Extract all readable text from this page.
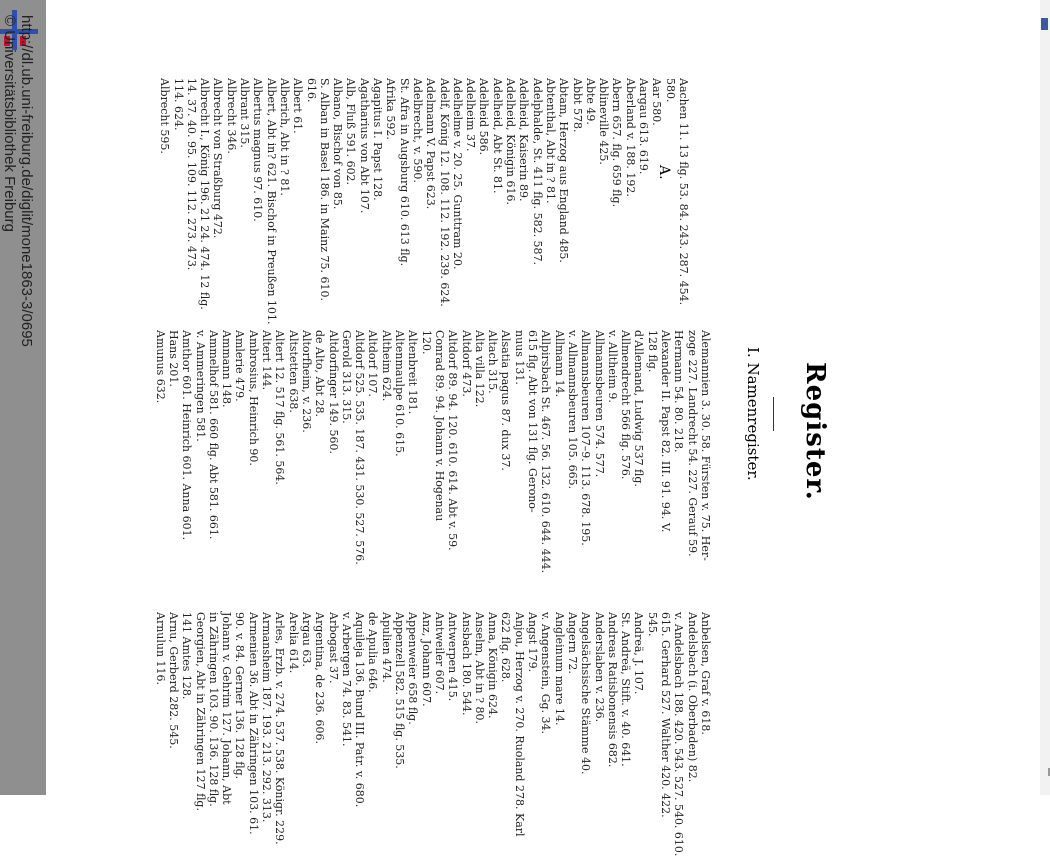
http://dl.ub.uni-freiburg.de/diglit/mone1863-3/0695
© Universitätsbibliothek Freiburg
Register.
I. Namenregister.
A. Aachen 11. 13 flg. 53. 84. 243. 287. 454.
580.
Aar 580.
Aargau 613. 619.
Aberland v. 188. 192.
Abern 657. flg. 659 flg.
Ablineville 425.
Abte 49.
Abbt 578.
Abtam, Herzog aus England 485.
Abtenthal, Abt in ? 81.
Adelphalde, St. 411 flg. 582. 587.
Adelheid, Kaiserin 89.
Adelheid, Königin 616.
Adelheid, Abt St. 81.
Adelheid 586.
Adelheim 37.
Adelhelme v. 20. 25. Gunttram 20.
Adelf, König 12. 108. 112. 192. 239. 624.
Adelmann V. Papst 623.
Adelbrecht, v. 590.
St. Afra in Augsburg 610. 613 flg.
Afrika 592.
Agapitus I. Papst 128.
Agatharius von Abt 107.
Alb, Fluß 591. 602.
Albano, Bischof von 85.
S. Alban in Basel 186. in Mainz 75. 610.
616.
Albert 61.
Alberich, Abt in ? 81.
Albert, Abt in? 621. Bischof in Preußen 101.
Albertus magnus 97. 610.
Albrant 315.
Albrecht 346.
Albrecht von Straßburg 472.
Albrecht I., König 196. 21 24. 474. 12 flg.
14. 37. 40. 95. 109. 112. 273. 473.
114. 624.
Albrecht 595.
Alemannien 3. 30. 58. Fürsten v. 75. Her-
zoge 227. Landrecht 54. 227. Gerauf 59.
Hermann 54. 80. 218.
Alexander II. Papst 82. III. 91. 94. V.
128 flg.
d'Allemand, Ludwig 537 flg.
Allmendrecht 566 flg. 576.
v. Alltheim 9.
Allmannsbeuren 574. 577.
Allmannsbeuren 107–9. 113. 678. 195.
v. Allmannsbeuren 105. 665.
Allmann 14.
Allpirsbach St. 467. 56. 132. 610. 644. 444.
615 flg. Abt von 131 flg. Gerono-
nuus 131.
Alsatia pagus 87. dux 37.
Altach 315.
Alta villa 122.
Altdorf 473.
Altdorf 89. 94. 120. 610. 614. Abt v. 59.
Conrad 89. 94. Johann v. Hogenau
120.
Altenbreit 181.
Altenmaulpe 610. 615.
Altheim 624.
Altdorf 107.
Altdorf 525. 535. 187. 431. 530. 527. 576.
Gerold 313. 315.
Altdorfinger 149. 560.
de Alto, Abt 28.
Altorfheim, v. 236.
Altstetten 638.
Altert 12. 517 flg. 561. 564.
Altert 144.
Ambrosius, Heinrich 90.
Amlerie 479.
Ammann 148.
Ammelhof 581. 660 flg. Abt 581. 661.
v. Ammeringen 581.
Amthor 601. Heinrich 601. Anna 601.
Hans 201.
Amunus 632.
Anbelsen, Graf v. 618.
Andelsbach (i. Oberbaden) 82.
v. Andelsbach 188. 420. 543. 527. 540. 610.
615. Gerhard 527. Walther 420. 422.
545.
Andreä, J. 107.
St. Andreä, Stift. v. 40. 641.
Andreas Ratisbonensis 682.
Anderslaben v. 236.
Angelsächsische Stämme 40.
Angern 72.
Angleinum mare 14.
v. Angenstein, Gg. 34.
Angst 179.
Anjou, Herzog v. 270. Ruoland 278. Karl
622 flg. 628.
Anna, Königin 624.
Anselm, Abt in ? 80.
Ansbach 180. 544.
Antwerpen 415.
Antweiler 607.
Anz, Johann 607.
Appenweier 658 flg.
Appenzell 582. 515 flg. 535.
Apulien 474.
de Apulia 646.
Aquileja 136. Bund III. Patr. v. 680.
v. Arbergen 74. 83. 541.
Arbogast 37.
Argentina, de 236. 606.
Argau 63.
Arelia 614.
Arles, Erzb. v. 274. 537. 538. Königr. 229.
Armansheim 187. 193. 213. 292. 313.
Armenien 36. Abt in Zähringen 103. 61.
90. v. 84. Gerner 136. 128 flg.
Johann v. Gehrim 127. Johann, Abt
in Zähringen 103. 90. 136. 128 flg.
Georgien, Abt in Zähringen 127 flg.
141 Amtes 128.
Arnu, Gerberd 282. 545.
Arnulun 116.
